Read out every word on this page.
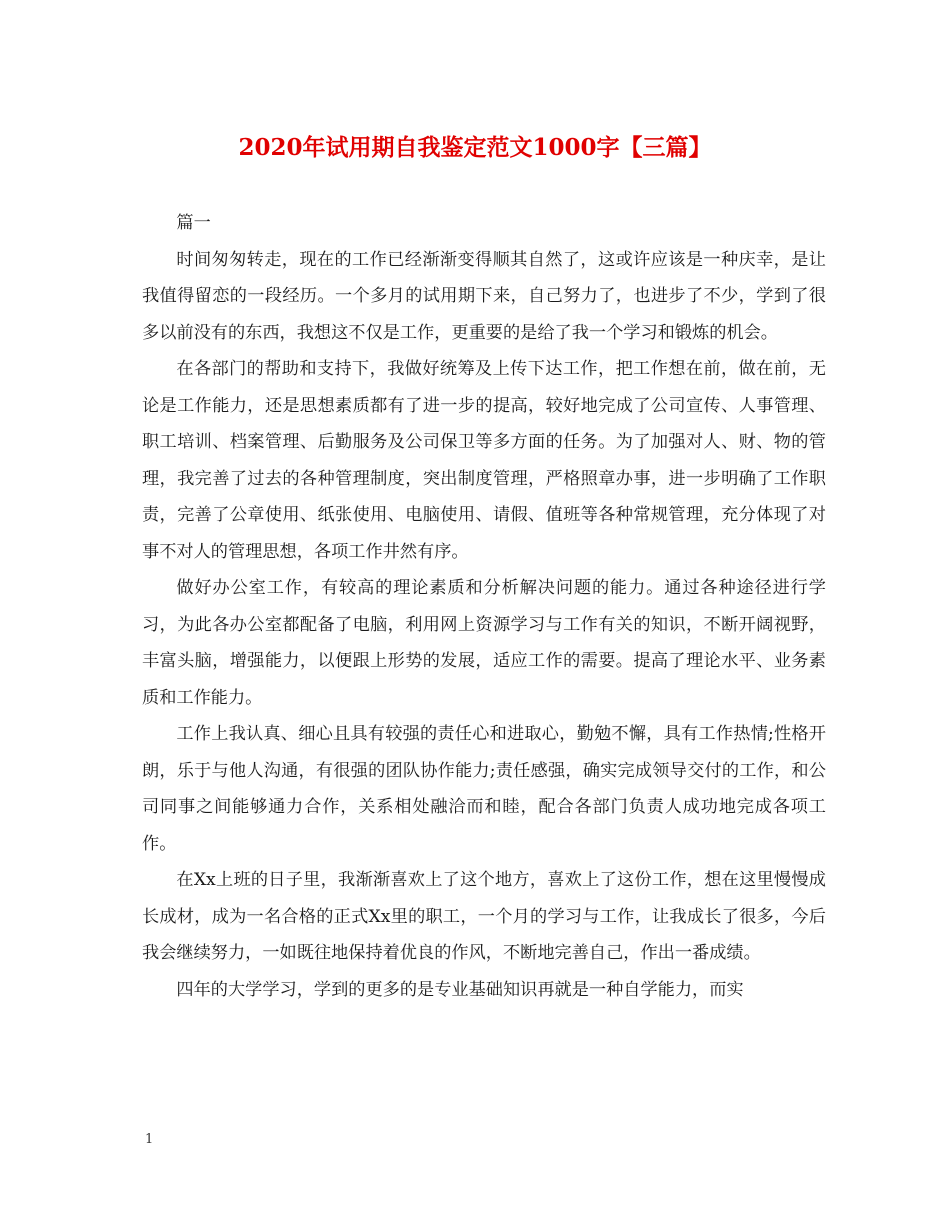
2020年试用期自我鉴定范文1000字【三篇】

篇一

时间匆匆转走，现在的工作已经渐渐变得顺其自然了，这或许应该是一种庆幸，是让我值得留恋的一段经历。一个多月的试用期下来，自己努力了，也进步了不少，学到了很多以前没有的东西，我想这不仅是工作，更重要的是给了我一个学习和锻炼的机会。

在各部门的帮助和支持下，我做好统筹及上传下达工作，把工作想在前，做在前，无论是工作能力，还是思想素质都有了进一步的提高，较好地完成了公司宣传、人事管理、职工培训、档案管理、后勤服务及公司保卫等多方面的任务。为了加强对人、财、物的管理，我完善了过去的各种管理制度，突出制度管理，严格照章办事，进一步明确了工作职责，完善了公章使用、纸张使用、电脑使用、请假、值班等各种常规管理，充分体现了对事不对人的管理思想，各项工作井然有序。

做好办公室工作，有较高的理论素质和分析解决问题的能力。通过各种途径进行学习，为此各办公室都配备了电脑，利用网上资源学习与工作有关的知识，不断开阔视野，丰富头脑，增强能力，以便跟上形势的发展，适应工作的需要。提高了理论水平、业务素质和工作能力。

工作上我认真、细心且具有较强的责任心和进取心，勤勉不懈，具有工作热情;性格开朗，乐于与他人沟通，有很强的团队协作能力;责任感强，确实完成领导交付的工作，和公司同事之间能够通力合作，关系相处融洽而和睦，配合各部门负责人成功地完成各项工作。

在Xx上班的日子里，我渐渐喜欢上了这个地方，喜欢上了这份工作，想在这里慢慢成长成材，成为一名合格的正式Xx里的职工，一个月的学习与工作，让我成长了很多，今后我会继续努力，一如既往地保持着优良的作风，不断地完善自己，作出一番成绩。

四年的大学学习，学到的更多的是专业基础知识再就是一种自学能力，而实

1
